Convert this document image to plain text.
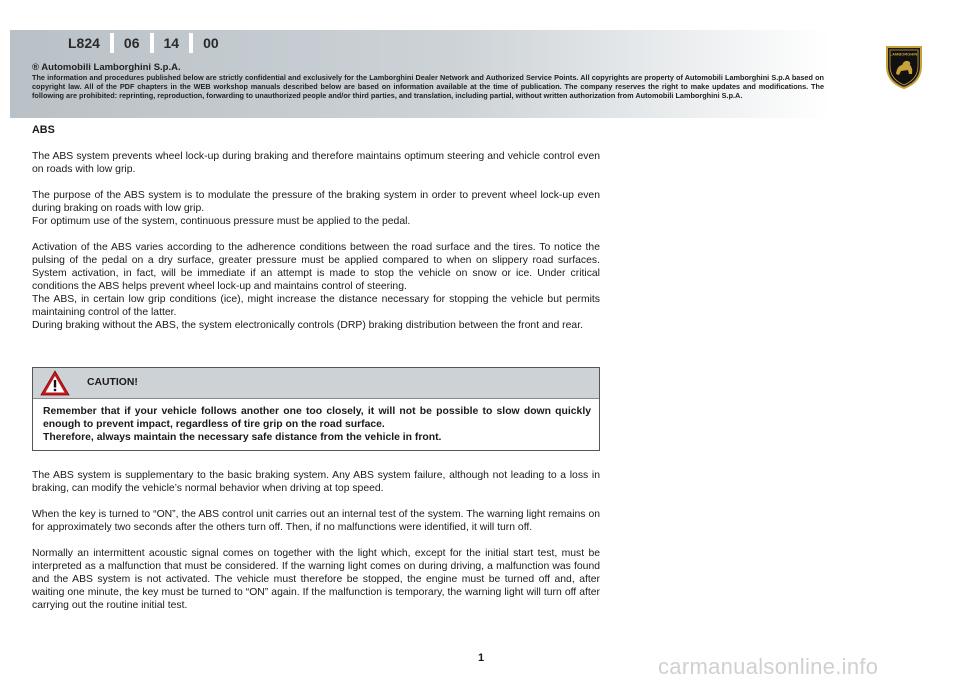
L824	06	14	00
® Automobili Lamborghini S.p.A.
The information and procedures published below are strictly confidential and exclusively for the Lamborghini Dealer Network and Authorized Service Points. All copyrights are property of Automobili Lamborghini S.p.A based on copyright law. All of the PDF chapters in the WEB workshop manuals described below are based on information available at the time of publication. The company reserves the right to make updates and modifications. The following are prohibited: reprinting, reproduction, forwarding to unauthorized people and/or third parties, and translation, including partial, without written authorization from Automobili Lamborghini S.p.A.
LAMBORGHINI
ABS

The ABS system prevents wheel lock-up during braking and therefore maintains optimum steering and vehicle control even on roads with low grip.

The purpose of the ABS system is to modulate the pressure of the braking system in order to prevent wheel lock-up even during braking on roads with low grip.

For optimum use of the system, continuous pressure must be applied to the pedal.

Activation of the ABS varies according to the adherence conditions between the road surface and the tires. To notice the pulsing of the pedal on a dry surface, greater pressure must be applied compared to when on slippery road surfaces. System activation, in fact, will be immediate if an attempt is made to stop the vehicle on snow or ice. Under critical conditions the ABS helps prevent wheel lock-up and maintains control of steering.

The ABS, in certain low grip conditions (ice), might increase the distance necessary for stopping the vehicle but permits maintaining control of the latter.

During braking without the ABS, the system electronically controls (DRP) braking distribution between the front and rear.

CAUTION!
Remember that if your vehicle follows another one too closely, it will not be possible to slow down quickly enough to prevent impact, regardless of tire grip on the road surface.
Therefore, always maintain the necessary safe distance from the vehicle in front.

The ABS system is supplementary to the basic braking system. Any ABS system failure, although not leading to a loss in braking, can modify the vehicle’s normal behavior when driving at top speed.

When the key is turned to “ON”, the ABS control unit carries out an internal test of the system. The warning light remains on for approximately two seconds after the others turn off. Then, if no malfunctions were identified, it will turn off.

Normally an intermittent acoustic signal comes on together with the light which, except for the initial start test, must be interpreted as a malfunction that must be considered. If the warning light comes on during driving, a malfunction was found and the ABS system is not activated. The vehicle must therefore be stopped, the engine must be turned off and, after waiting one minute, the key must be turned to “ON” again. If the malfunction is temporary, the warning light will turn off after carrying out the routine initial test.

1	carmanualsonline.info
